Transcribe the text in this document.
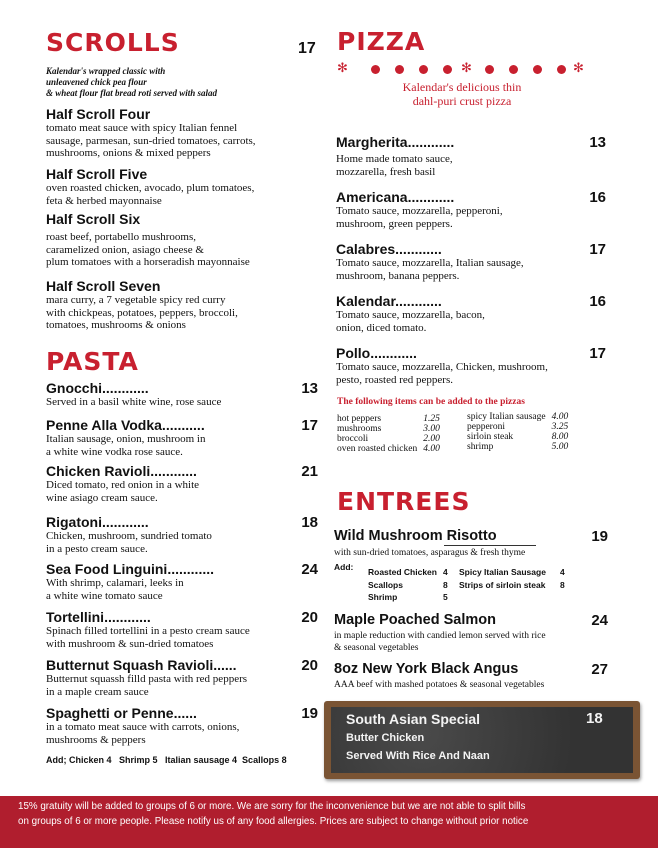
SCROLLS	17
Kalendar's wrapped classic with
unleavened chick pea flour
& wheat flour flat bread roti served with salad
Half Scroll Four
tomato meat sauce with spicy Italian fennel
sausage, parmesan, sun-dried tomatoes, carrots,
mushrooms, onions & mixed peppers
Half Scroll Five
oven roasted chicken, avocado, plum tomatoes,
feta & herbed mayonnaise
Half Scroll Six
roast beef, portabello mushrooms,
caramelized onion, asiago cheese &
plum tomatoes with a horseradish mayonnaise
Half Scroll Seven
mara curry, a 7 vegetable spicy red curry
with chickpeas, potatoes, peppers, broccoli,
tomatoes, mushrooms & onions
PASTA
Gnocchi............	13
Served in a basil white wine, rose sauce
Penne Alla Vodka...........	17
Italian sausage, onion, mushroom in
a white wine vodka rose sauce.
Chicken Ravioli............	21
Diced tomato, red onion in a white
wine asiago cream sauce.
Rigatoni............	18
Chicken, mushroom, sundried tomato
in a pesto cream sauce.
Sea Food Linguini............	24
With shrimp, calamari, leeks in
a white wine tomato sauce
Tortellini............	20
Spinach filled tortellini in a pesto cream sauce
with mushroom & sun-dried tomatoes
Butternut Squash Ravioli......	20
Butternut squassh filld pasta with red peppers
in a maple cream sauce
Spaghetti or Penne......	19
in a tomato meat sauce with carrots, onions,
mushrooms & peppers
Add; Chicken 4   Shrimp 5   Italian sausage 4  Scallops 8
PIZZA
✻	✻	✻
Kalendar's delicious thin
dahl-puri crust pizza
Margherita............	13
Home made tomato sauce,
mozzarella, fresh basil
Americana............	16
Tomato sauce, mozzarella, pepperoni,
mushroom, green peppers.
Calabres............	17
Tomato sauce, mozzarella, Italian sausage,
mushroom, banana peppers.
Kalendar............	16
Tomato sauce, mozzarella, bacon,
onion, diced tomato.
Pollo............	17
Tomato sauce, mozzarella, Chicken, mushroom,
pesto, roasted red peppers.
The following items can be added to the pizzas
hot peppers	1.25
mushrooms	3.00
broccoli	2.00
oven roasted chicken	4.00
spicy Italian sausage	4.00
pepperoni	3.25
sirloin steak	8.00
shrimp	5.00
ENTREES
Wild Mushroom Risotto	19
with sun-dried tomatoes, asparagus & fresh thyme
Add: Roasted Chicken	4
Scallops	8
Shrimp	5
Spicy Italian Sausage	4
Strips of sirloin steak	8
Maple Poached Salmon	24
in maple reduction with candied lemon served with rice
& seasonal vegetables
8oz New York Black Angus	27
AAA beef with mashed potatoes & seasonal vegetables
South Asian Special	18
Butter Chicken
Served With Rice And Naan
15% gratuity will be added to groups of 6 or more. We are sorry for the inconvenience but we are not able to split bills
on groups of 6 or more people. Please notify us of any food allergies. Prices are subject to change without prior notice
